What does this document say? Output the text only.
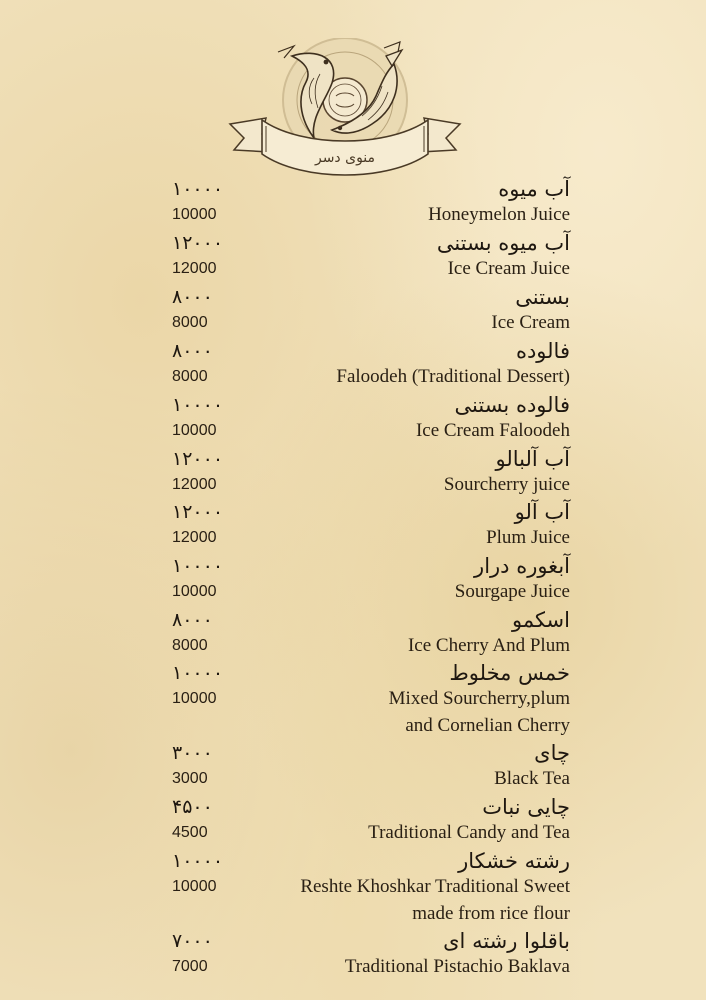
منوی دسر
آب میوه
Honeymelon Juice
۱۰۰۰۰
10000
آب میوه بستنی
Ice Cream Juice
۱۲۰۰۰
12000
بستنی
Ice Cream
۸۰۰۰
8000
فالوده
Faloodeh (Traditional Dessert)
۸۰۰۰
8000
فالوده بستنی
Ice Cream Faloodeh
۱۰۰۰۰
10000
آب آلبالو
Sourcherry juice
۱۲۰۰۰
12000
آب آلو
Plum Juice
۱۲۰۰۰
12000
آبغوره درار
Sourgape Juice
۱۰۰۰۰
10000
اسکمو
Ice Cherry And Plum
۸۰۰۰
8000
خمس مخلوط
Mixed Sourcherry,plum
۱۰۰۰۰
10000
and Cornelian Cherry
چای
Black Tea
۳۰۰۰
3000
چایی نبات
Traditional Candy and Tea
۴۵۰۰
4500
رشته خشکار
Reshte Khoshkar Traditional Sweet
۱۰۰۰۰
10000
made from rice flour
باقلوا رشته ای
Traditional Pistachio Baklava
۷۰۰۰
7000
